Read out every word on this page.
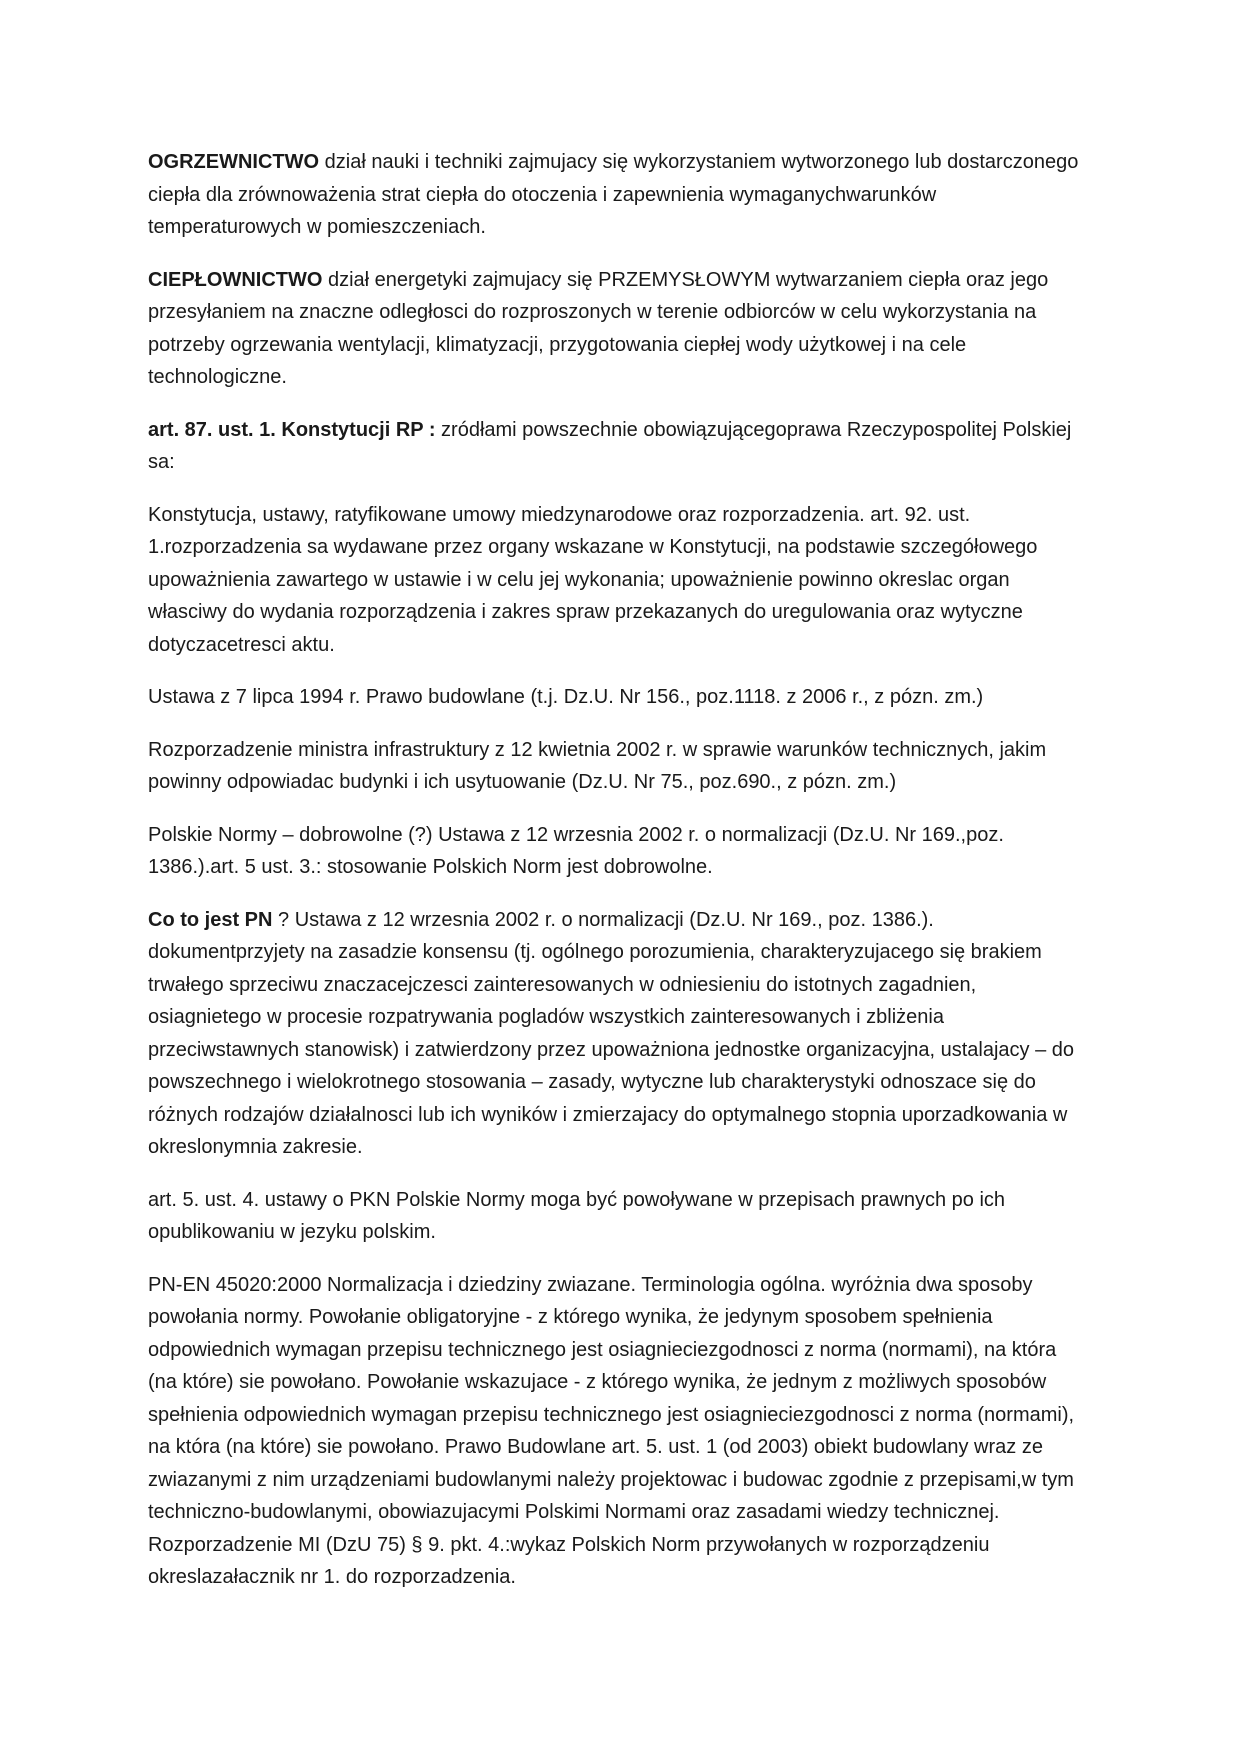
OGRZEWNICTWO dział nauki i techniki zajmujacy się wykorzystaniem wytworzonego lub dostarczonego ciepła dla zrównoważenia strat ciepła do otoczenia i zapewnienia wymaganychwarunków temperaturowych w pomieszczeniach.

CIEPŁOWNICTWO dział energetyki zajmujacy się PRZEMYSŁOWYM wytwarzaniem ciepła oraz jego przesyłaniem na znaczne odległosci do rozproszonych w terenie odbiorców w celu wykorzystania na potrzeby ogrzewania wentylacji, klimatyzacji, przygotowania ciepłej wody użytkowej i na cele technologiczne.

art. 87. ust. 1. Konstytucji RP : zródłami powszechnie obowiązującegoprawa Rzeczypospolitej Polskiej sa:

Konstytucja, ustawy, ratyfikowane umowy miedzynarodowe oraz rozporzadzenia. art. 92. ust. 1.rozporzadzenia sa wydawane przez organy wskazane w Konstytucji, na podstawie szczegółowego upoważnienia zawartego w ustawie i w celu jej wykonania; upoważnienie powinno okreslac organ własciwy do wydania rozporządzenia i zakres spraw przekazanych do uregulowania oraz wytyczne dotyczacetresci aktu.

Ustawa z 7 lipca 1994 r. Prawo budowlane (t.j. Dz.U. Nr 156., poz.1118. z 2006 r., z pózn. zm.)

Rozporzadzenie ministra infrastruktury z 12 kwietnia 2002 r. w sprawie warunków technicznych, jakim powinny odpowiadac budynki i ich usytuowanie (Dz.U. Nr 75., poz.690., z pózn. zm.)

Polskie Normy – dobrowolne (?) Ustawa z 12 wrzesnia 2002 r. o normalizacji (Dz.U. Nr 169.,poz. 1386.).art. 5 ust. 3.: stosowanie Polskich Norm jest dobrowolne.

Co to jest PN ? Ustawa z 12 wrzesnia 2002 r. o normalizacji (Dz.U. Nr 169., poz. 1386.). dokumentprzyjety na zasadzie konsensu (tj. ogólnego porozumienia, charakteryzujacego się brakiem trwałego sprzeciwu znaczacejczesci zainteresowanych w odniesieniu do istotnych zagadnien, osiagnietego w procesie rozpatrywania pogladów wszystkich zainteresowanych i zbliżenia przeciwstawnych stanowisk) i zatwierdzony przez upoważniona jednostke organizacyjna, ustalajacy – do powszechnego i wielokrotnego stosowania – zasady, wytyczne lub charakterystyki odnoszace się do różnych rodzajów działalnosci lub ich wyników i zmierzajacy do optymalnego stopnia uporzadkowania w okreslonymnia zakresie.

art. 5. ust. 4. ustawy o PKN Polskie Normy moga być powoływane w przepisach prawnych po ich opublikowaniu w jezyku polskim.

PN-EN 45020:2000 Normalizacja i dziedziny zwiazane. Terminologia ogólna. wyróżnia dwa sposoby powołania normy. Powołanie obligatoryjne - z którego wynika, że jedynym sposobem spełnienia odpowiednich wymagan przepisu technicznego jest osiagnieciezgodnosci z norma (normami), na która (na które) sie powołano. Powołanie wskazujace - z którego wynika, że jednym z możliwych sposobów spełnienia odpowiednich wymagan przepisu technicznego jest osiagnieciezgodnosci z norma (normami), na która (na które) sie powołano. Prawo Budowlane art. 5. ust. 1 (od 2003) obiekt budowlany wraz ze zwiazanymi z nim urządzeniami budowlanymi należy projektowac i budowac zgodnie z przepisami,w tym techniczno-budowlanymi, obowiazujacymi Polskimi Normami oraz zasadami wiedzy technicznej. Rozporzadzenie MI (DzU 75) § 9. pkt. 4.:wykaz Polskich Norm przywołanych w rozporządzeniu okreslazałacznik nr 1. do rozporzadzenia.
